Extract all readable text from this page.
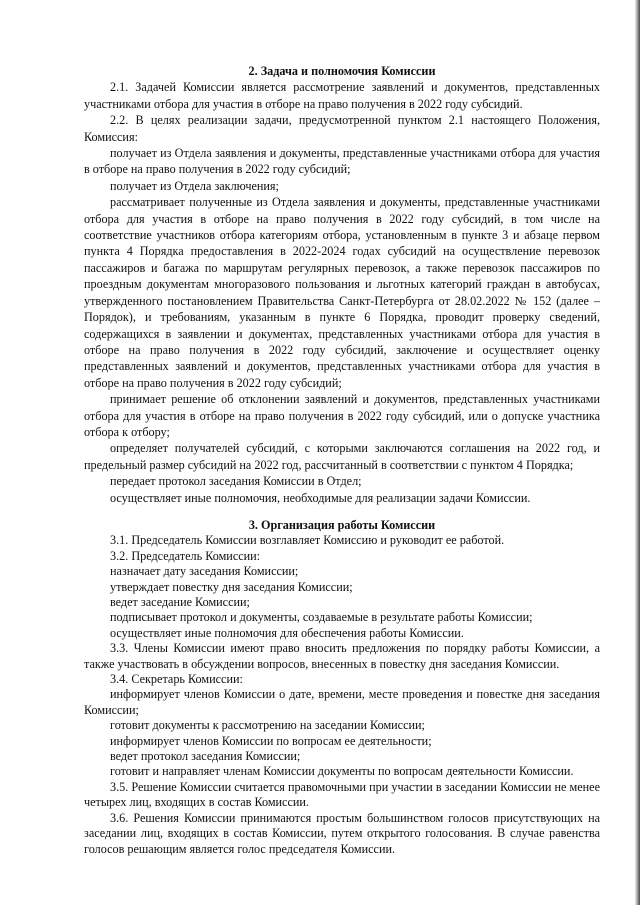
2. Задача и полномочия Комиссии

2.1. Задачей Комиссии является рассмотрение заявлений и документов, представленных участниками отбора для участия в отборе на право получения в 2022 году субсидий.

2.2. В целях реализации задачи, предусмотренной пунктом 2.1 настоящего Положения, Комиссия:

получает из Отдела заявления и документы, представленные участниками отбора для участия в отборе на право получения в 2022 году субсидий;

получает из Отдела заключения;

рассматривает полученные из Отдела заявления и документы, представленные участниками отбора для участия в отборе на право получения в 2022 году субсидий, в том числе на соответствие участников отбора категориям отбора, установленным в пункте 3 и абзаце первом пункта 4 Порядка предоставления в 2022-2024 годах субсидий на осуществление перевозок пассажиров и багажа по маршрутам регулярных перевозок, а также перевозок пассажиров по проездным документам многоразового пользования и льготных категорий граждан в автобусах, утвержденного постановлением Правительства Санкт-Петербурга от 28.02.2022 № 152 (далее – Порядок), и требованиям, указанным в пункте 6 Порядка, проводит проверку сведений, содержащихся в заявлении и документах, представленных участниками отбора для участия в отборе на право получения в 2022 году субсидий, заключение и осуществляет оценку представленных заявлений и документов, представленных участниками отбора для участия в отборе на право получения в 2022 году субсидий;

принимает решение об отклонении заявлений и документов, представленных участниками отбора для участия в отборе на право получения в 2022 году субсидий, или о допуске участника отбора к отбору;

определяет получателей субсидий, с которыми заключаются соглашения на 2022 год, и предельный размер субсидий на 2022 год, рассчитанный в соответствии с пунктом 4 Порядка;

передает протокол заседания Комиссии в Отдел;

осуществляет иные полномочия, необходимые для реализации задачи Комиссии.

3. Организация работы Комиссии

3.1. Председатель Комиссии возглавляет Комиссию и руководит ее работой.

3.2. Председатель Комиссии:

назначает дату заседания Комиссии;

утверждает повестку дня заседания Комиссии;

ведет заседание Комиссии;

подписывает протокол и документы, создаваемые в результате работы Комиссии;

осуществляет иные полномочия для обеспечения работы Комиссии.

3.3. Члены Комиссии имеют право вносить предложения по порядку работы Комиссии, а также участвовать в обсуждении вопросов, внесенных в повестку дня заседания Комиссии.

3.4. Секретарь Комиссии:

информирует членов Комиссии о дате, времени, месте проведения и повестке дня заседания Комиссии;

готовит документы к рассмотрению на заседании Комиссии;

информирует членов Комиссии по вопросам ее деятельности;

ведет протокол заседания Комиссии;

готовит и направляет членам Комиссии документы по вопросам деятельности Комиссии.

3.5. Решение Комиссии считается правомочными при участии в заседании Комиссии не менее четырех лиц, входящих в состав Комиссии.

3.6. Решения Комиссии принимаются простым большинством голосов присутствующих на заседании лиц, входящих в состав Комиссии, путем открытого голосования. В случае равенства голосов решающим является голос председателя Комиссии.
